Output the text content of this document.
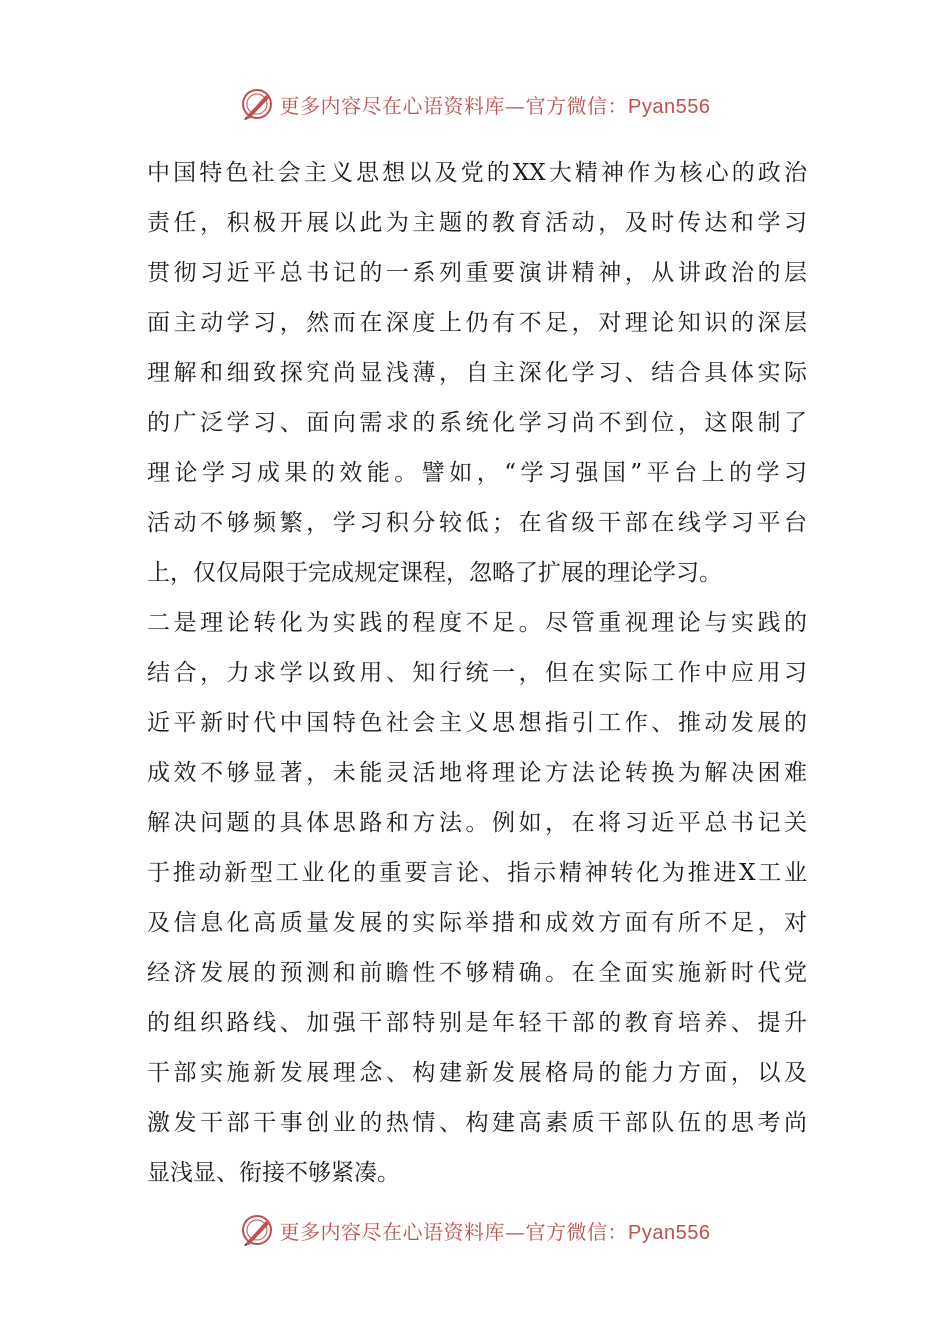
更多内容尽在心语资料库—官方微信：Pyan556
中国特色社会主义思想以及党的XX大精神作为核心的政治
责任，积极开展以此为主题的教育活动，及时传达和学习
贯彻习近平总书记的一系列重要演讲精神，从讲政治的层
面主动学习，然而在深度上仍有不足，对理论知识的深层
理解和细致探究尚显浅薄，自主深化学习、结合具体实际
的广泛学习、面向需求的系统化学习尚不到位，这限制了
理论学习成果的效能。譬如，“学习强国”平台上的学习
活动不够频繁，学习积分较低；在省级干部在线学习平台
上，仅仅局限于完成规定课程，忽略了扩展的理论学习。
二是理论转化为实践的程度不足。尽管重视理论与实践的
结合，力求学以致用、知行统一，但在实际工作中应用习
近平新时代中国特色社会主义思想指引工作、推动发展的
成效不够显著，未能灵活地将理论方法论转换为解决困难
解决问题的具体思路和方法。例如，在将习近平总书记关
于推动新型工业化的重要言论、指示精神转化为推进X工业
及信息化高质量发展的实际举措和成效方面有所不足，对
经济发展的预测和前瞻性不够精确。在全面实施新时代党
的组织路线、加强干部特别是年轻干部的教育培养、提升
干部实施新发展理念、构建新发展格局的能力方面，以及
激发干部干事创业的热情、构建高素质干部队伍的思考尚
显浅显、衔接不够紧凑。
更多内容尽在心语资料库—官方微信：Pyan556
